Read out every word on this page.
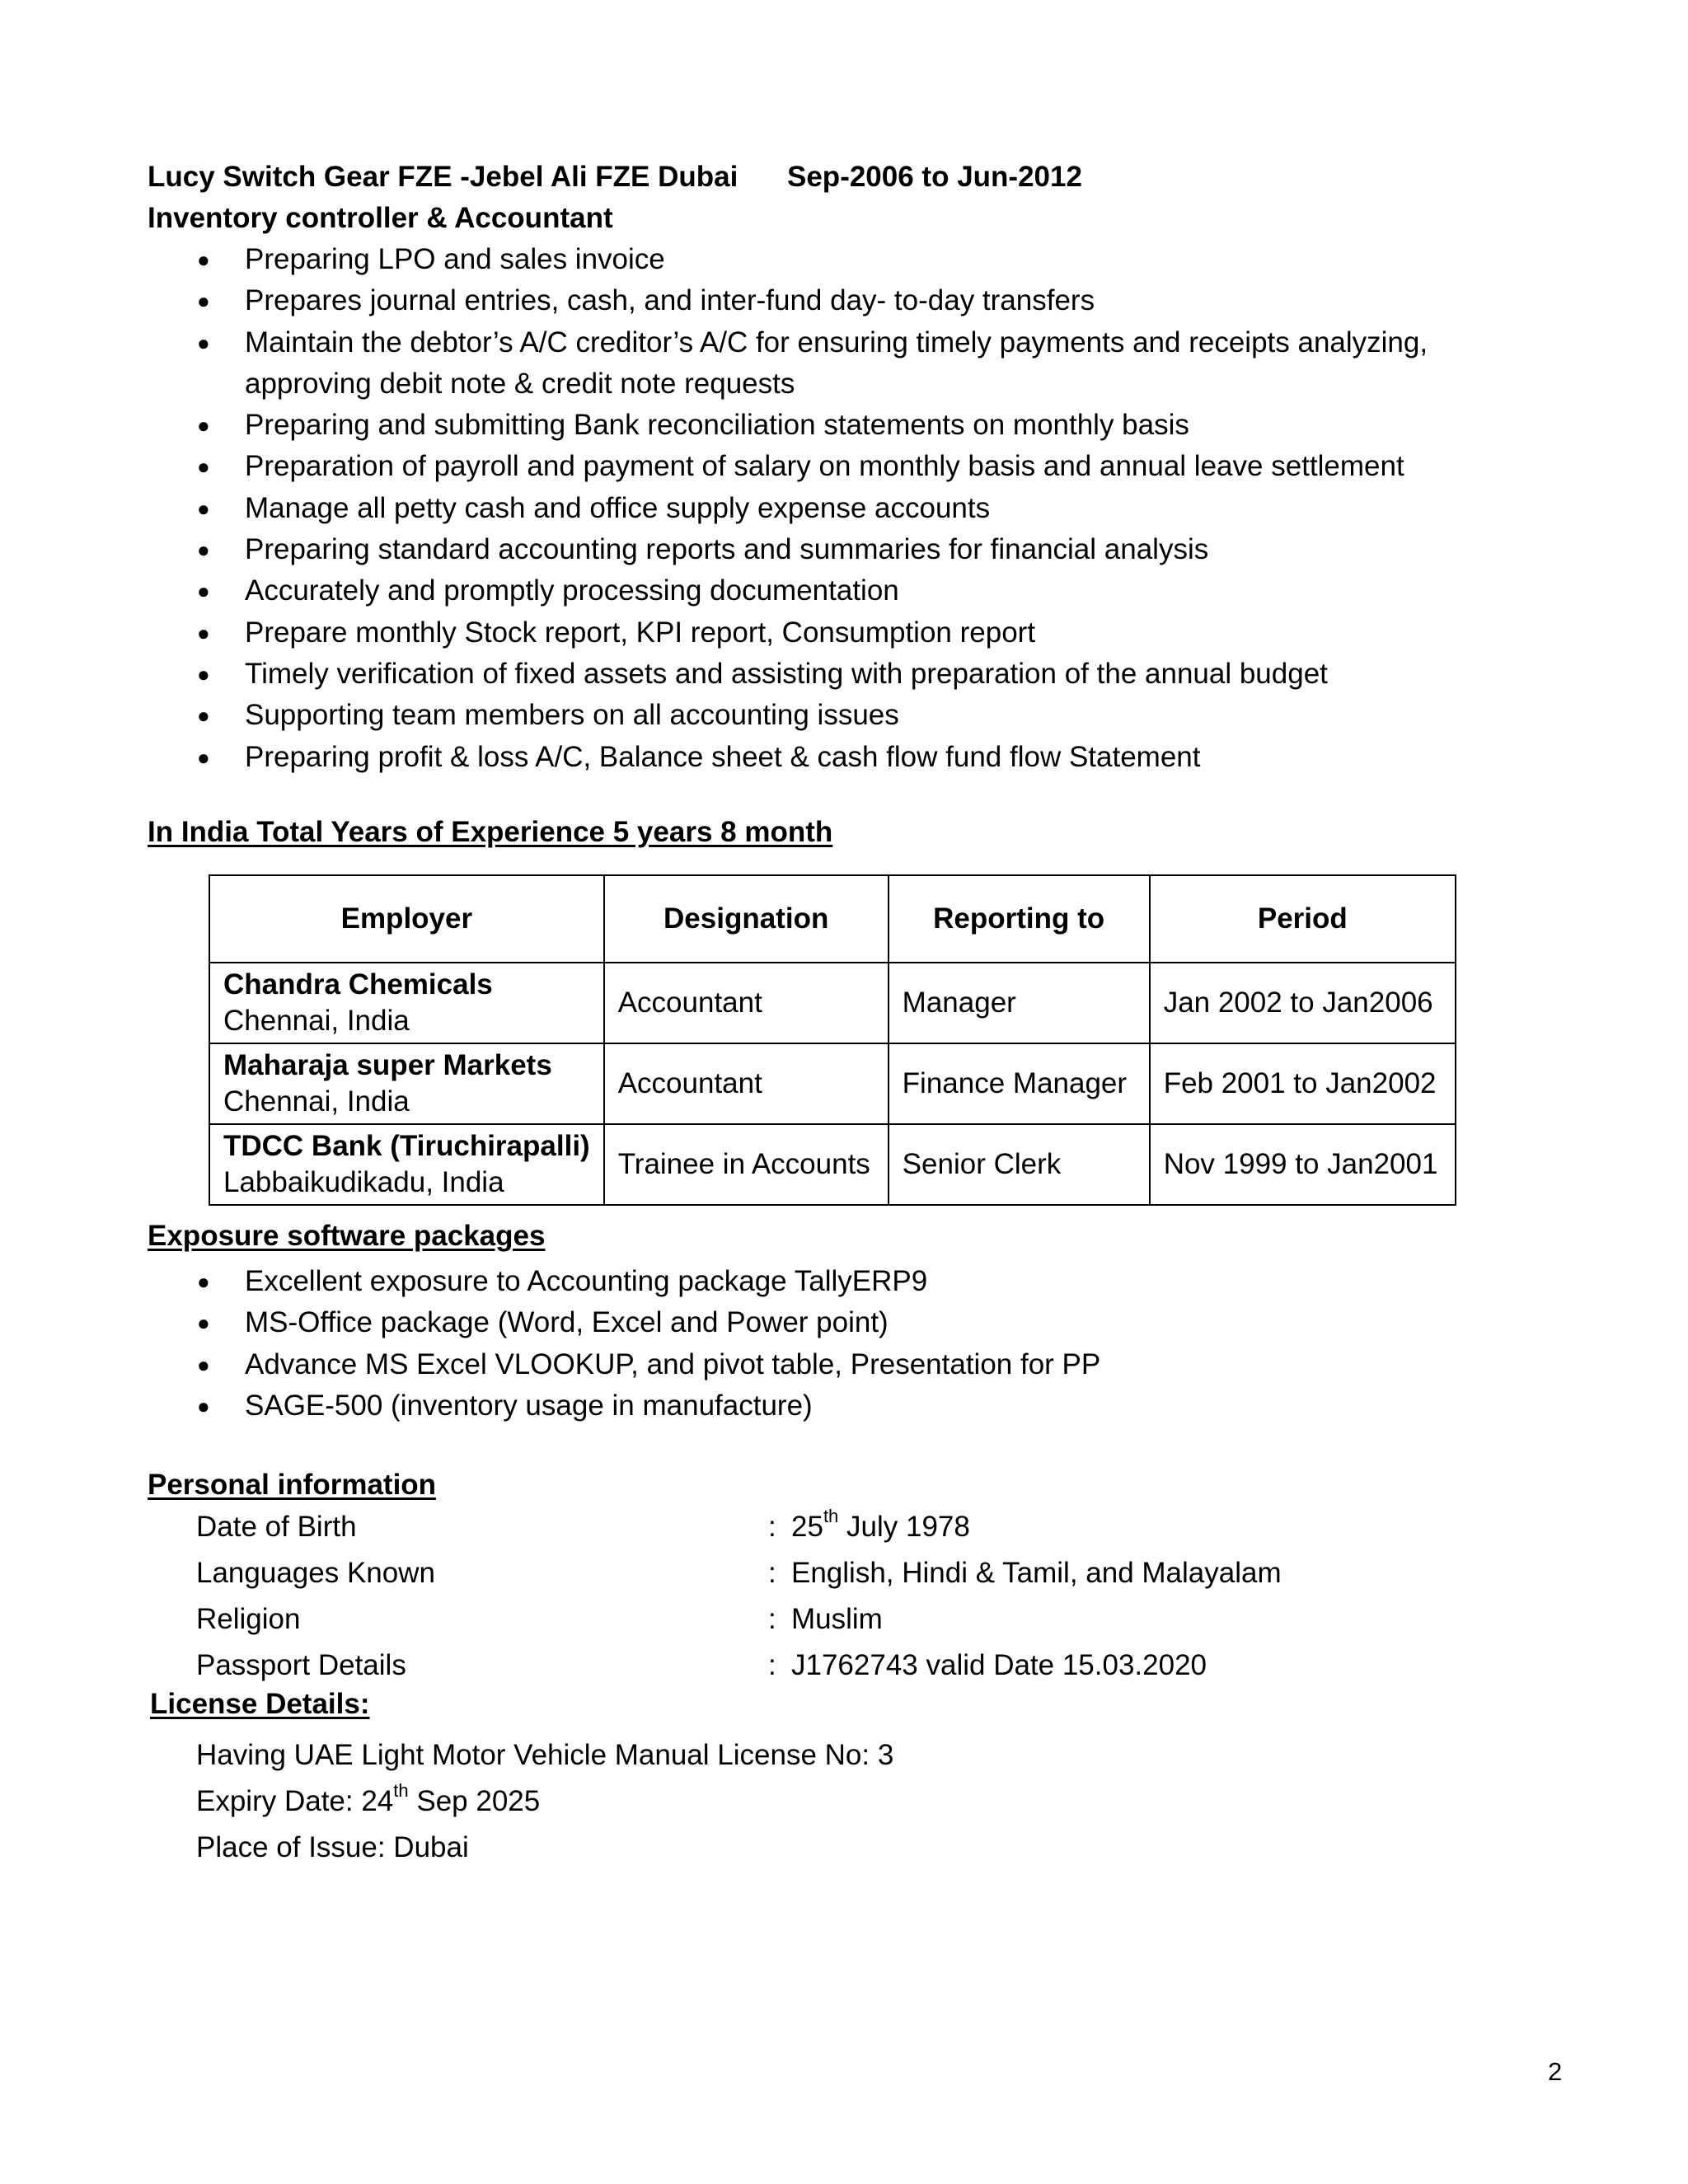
Lucy Switch Gear FZE -Jebel Ali FZE Dubai Sep-2006 to Jun-2012
Inventory controller & Accountant
● Preparing LPO and sales invoice
● Prepares journal entries, cash, and inter-fund day- to-day transfers
● Maintain the debtor’s A/C creditor’s A/C for ensuring timely payments and receipts analyzing, approving debit note & credit note requests
● Preparing and submitting Bank reconciliation statements on monthly basis
● Preparation of payroll and payment of salary on monthly basis and annual leave settlement
● Manage all petty cash and office supply expense accounts
● Preparing standard accounting reports and summaries for financial analysis
● Accurately and promptly processing documentation
● Prepare monthly Stock report, KPI report, Consumption report
● Timely verification of fixed assets and assisting with preparation of the annual budget
● Supporting team members on all accounting issues
● Preparing profit & loss A/C, Balance sheet & cash flow fund flow Statement
In India Total Years of Experience 5 years 8 month
Employer	Designation	Reporting to	Period

Chandra Chemicals
Chennai, India	Accountant	Manager	Jan 2002 to Jan2006

Maharaja super Markets
Chennai, India	Accountant	Finance Manager	Feb 2001 to Jan2002

TDCC Bank (Tiruchirapalli)
Labbaikudikadu, India	Trainee in Accounts	Senior Clerk	Nov 1999 to Jan2001
Exposure software packages
● Excellent exposure to Accounting package TallyERP9
● MS-Office package (Word, Excel and Power point)
● Advance MS Excel VLOOKUP, and pivot table, Presentation for PP
● SAGE-500 (inventory usage in manufacture)
Personal information
Date of Birth	: 25th July 1978
Languages Known	: English, Hindi & Tamil, and Malayalam
Religion	: Muslim
Passport Details	: J1762743 valid Date 15.03.2020
License Details:
Having UAE Light Motor Vehicle Manual License No: 3
Expiry Date: 24th Sep 2025
Place of Issue: Dubai
2
